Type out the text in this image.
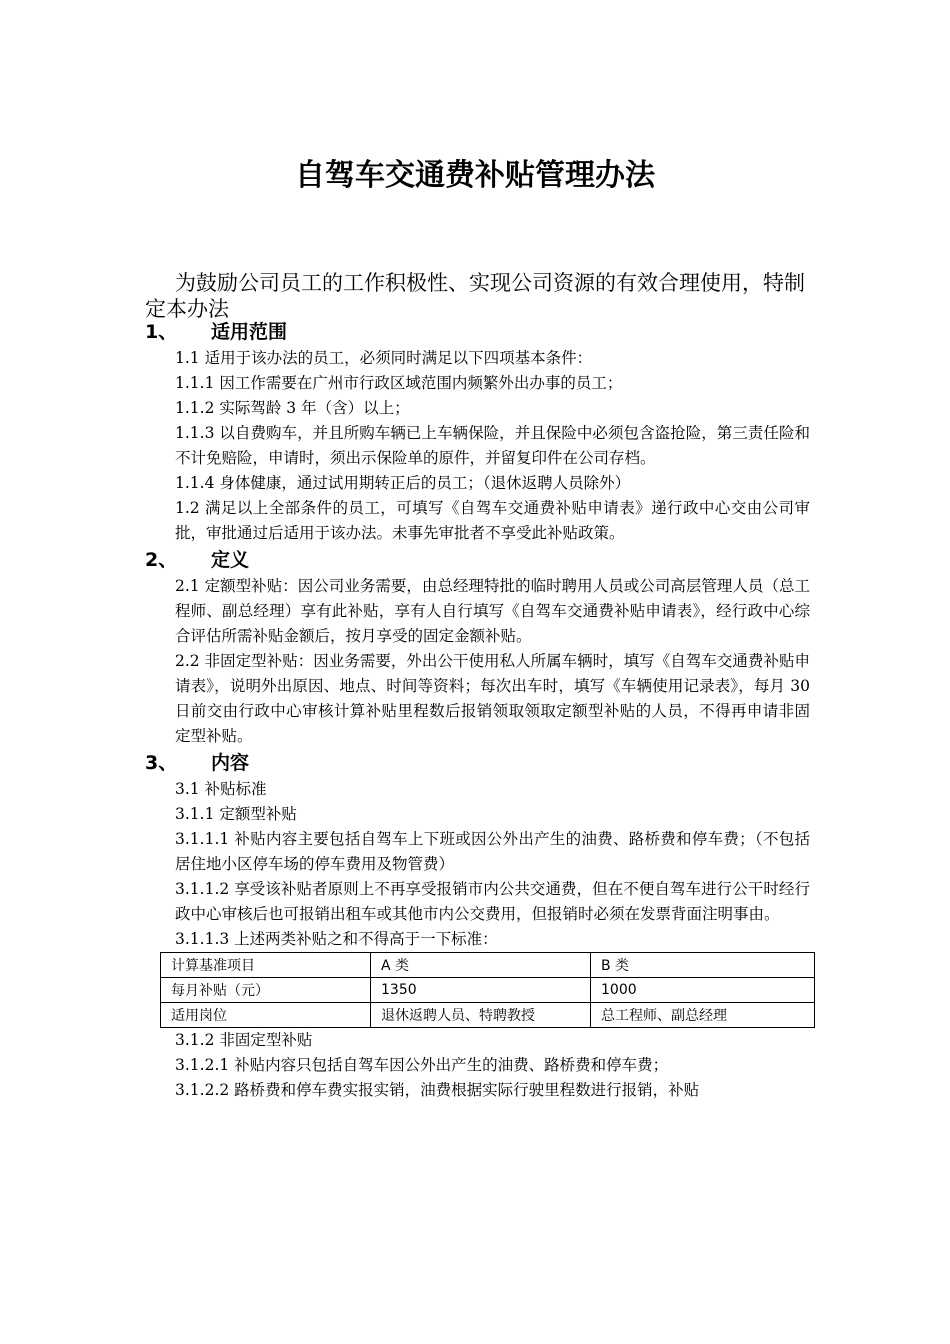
自驾车交通费补贴管理办法

为鼓励公司员工的工作积极性、实现公司资源的有效合理使用，特制定本办法

1、 适用范围

1.1 适用于该办法的员工，必须同时满足以下四项基本条件：

1.1.1 因工作需要在广州市行政区域范围内频繁外出办事的员工；

1.1.2 实际驾龄 3 年（含）以上；

1.1.3 以自费购车，并且所购车辆已上车辆保险，并且保险中必须包含盗抢险，第三责任险和不计免赔险，申请时，须出示保险单的原件，并留复印件在公司存档。

1.1.4 身体健康，通过试用期转正后的员工；（退休返聘人员除外）

1.2 满足以上全部条件的员工，可填写《自驾车交通费补贴申请表》递行政中心交由公司审批，审批通过后适用于该办法。未事先审批者不享受此补贴政策。

2、 定义

2.1 定额型补贴：因公司业务需要，由总经理特批的临时聘用人员或公司高层管理人员（总工程师、副总经理）享有此补贴，享有人自行填写《自驾车交通费补贴申请表》，经行政中心综合评估所需补贴金额后，按月享受的固定金额补贴。

2.2 非固定型补贴：因业务需要，外出公干使用私人所属车辆时，填写《自驾车交通费补贴申请表》，说明外出原因、地点、时间等资料；每次出车时，填写《车辆使用记录表》，每月 30 日前交由行政中心审核计算补贴里程数后报销领取领取定额型补贴的人员，不得再申请非固定型补贴。

3、 内容

3.1 补贴标准

3.1.1 定额型补贴

3.1.1.1 补贴内容主要包括自驾车上下班或因公外出产生的油费、路桥费和停车费；（不包括居住地小区停车场的停车费用及物管费）

3.1.1.2 享受该补贴者原则上不再享受报销市内公共交通费，但在不便自驾车进行公干时经行政中心审核后也可报销出租车或其他市内公交费用，但报销时必须在发票背面注明事由。

3.1.1.3 上述两类补贴之和不得高于一下标准：

计算基准项目	A 类	B 类
每月补贴（元）	1350	1000
适用岗位	退休返聘人员、特聘教授	总工程师、副总经理

3.1.2 非固定型补贴

3.1.2.1 补贴内容只包括自驾车因公外出产生的油费、路桥费和停车费；

3.1.2.2 路桥费和停车费实报实销，油费根据实际行驶里程数进行报销，补贴
